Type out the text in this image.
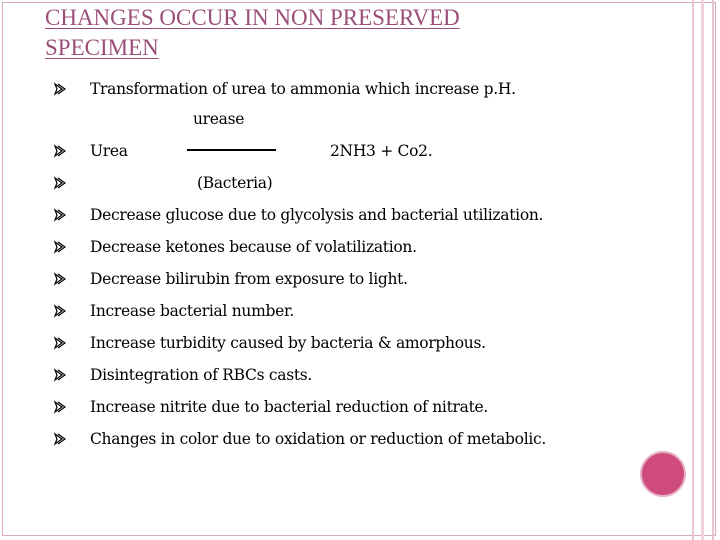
CHANGES OCCUR IN NON PRESERVED SPECIMEN
Transformation of urea to ammonia which increase p.H.
urease
Urea	2NH3 + Co2.
(Bacteria)
Decrease glucose due to glycolysis and bacterial utilization.
Decrease ketones because of volatilization.
Decrease bilirubin from exposure to light.
Increase bacterial number.
Increase turbidity caused by bacteria & amorphous.
Disintegration of RBCs casts.
Increase nitrite due to bacterial reduction of nitrate.
Changes in color due to oxidation or reduction of metabolic.
